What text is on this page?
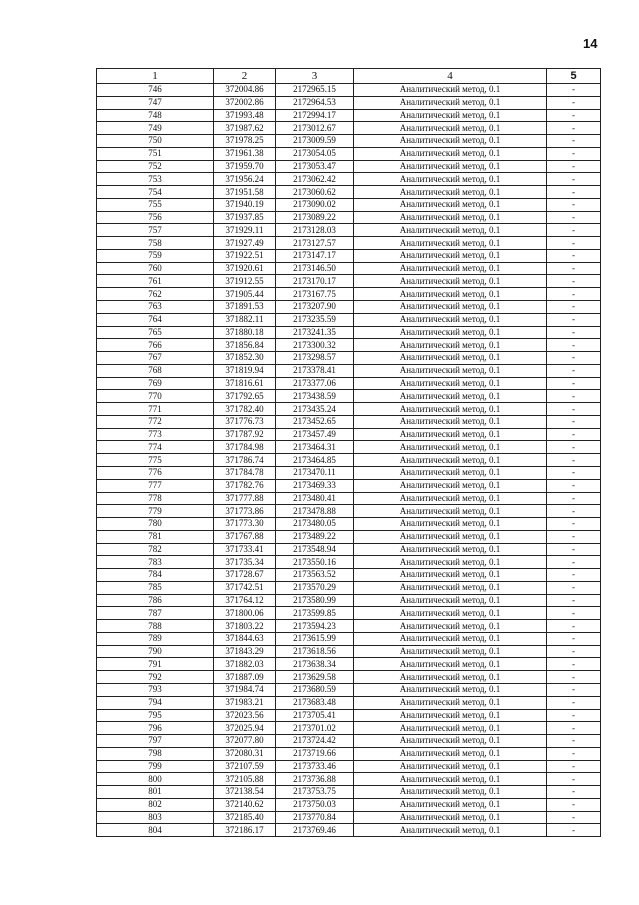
14
1	2	3	4	5
746	372004.86	2172965.15	Аналитический метод, 0.1	-
747	372002.86	2172964.53	Аналитический метод, 0.1	-
748	371993.48	2172994.17	Аналитический метод, 0.1	-
749	371987.62	2173012.67	Аналитический метод, 0.1	-
750	371978.25	2173009.59	Аналитический метод, 0.1	-
751	371961.38	2173054.05	Аналитический метод, 0.1	-
752	371959.70	2173053.47	Аналитический метод, 0.1	-
753	371956.24	2173062.42	Аналитический метод, 0.1	-
754	371951.58	2173060.62	Аналитический метод, 0.1	-
755	371940.19	2173090.02	Аналитический метод, 0.1	-
756	371937.85	2173089.22	Аналитический метод, 0.1	-
757	371929.11	2173128.03	Аналитический метод, 0.1	-
758	371927.49	2173127.57	Аналитический метод, 0.1	-
759	371922.51	2173147.17	Аналитический метод, 0.1	-
760	371920.61	2173146.50	Аналитический метод, 0.1	-
761	371912.55	2173170.17	Аналитический метод, 0.1	-
762	371905.44	2173167.75	Аналитический метод, 0.1	-
763	371891.53	2173207.90	Аналитический метод, 0.1	-
764	371882.11	2173235.59	Аналитический метод, 0.1	-
765	371880.18	2173241.35	Аналитический метод, 0.1	-
766	371856.84	2173300.32	Аналитический метод, 0.1	-
767	371852.30	2173298.57	Аналитический метод, 0.1	-
768	371819.94	2173378.41	Аналитический метод, 0.1	-
769	371816.61	2173377.06	Аналитический метод, 0.1	-
770	371792.65	2173438.59	Аналитический метод, 0.1	-
771	371782.40	2173435.24	Аналитический метод, 0.1	-
772	371776.73	2173452.65	Аналитический метод, 0.1	-
773	371787.92	2173457.49	Аналитический метод, 0.1	-
774	371784.98	2173464.31	Аналитический метод, 0.1	-
775	371786.74	2173464.85	Аналитический метод, 0.1	-
776	371784.78	2173470.11	Аналитический метод, 0.1	-
777	371782.76	2173469.33	Аналитический метод, 0.1	-
778	371777.88	2173480.41	Аналитический метод, 0.1	-
779	371773.86	2173478.88	Аналитический метод, 0.1	-
780	371773.30	2173480.05	Аналитический метод, 0.1	-
781	371767.88	2173489.22	Аналитический метод, 0.1	-
782	371733.41	2173548.94	Аналитический метод, 0.1	-
783	371735.34	2173550.16	Аналитический метод, 0.1	-
784	371728.67	2173563.52	Аналитический метод, 0.1	-
785	371742.51	2173570.29	Аналитический метод, 0.1	-
786	371764.12	2173580.99	Аналитический метод, 0.1	-
787	371800.06	2173599.85	Аналитический метод, 0.1	-
788	371803.22	2173594.23	Аналитический метод, 0.1	-
789	371844.63	2173615.99	Аналитический метод, 0.1	-
790	371843.29	2173618.56	Аналитический метод, 0.1	-
791	371882.03	2173638.34	Аналитический метод, 0.1	-
792	371887.09	2173629.58	Аналитический метод, 0.1	-
793	371984.74	2173680.59	Аналитический метод, 0.1	-
794	371983.21	2173683.48	Аналитический метод, 0.1	-
795	372023.56	2173705.41	Аналитический метод, 0.1	-
796	372025.94	2173701.02	Аналитический метод, 0.1	-
797	372077.80	2173724.42	Аналитический метод, 0.1	-
798	372080.31	2173719.66	Аналитический метод, 0.1	-
799	372107.59	2173733.46	Аналитический метод, 0.1	-
800	372105.88	2173736.88	Аналитический метод, 0.1	-
801	372138.54	2173753.75	Аналитический метод, 0.1	-
802	372140.62	2173750.03	Аналитический метод, 0.1	-
803	372185.40	2173770.84	Аналитический метод, 0.1	-
804	372186.17	2173769.46	Аналитический метод, 0.1	-
